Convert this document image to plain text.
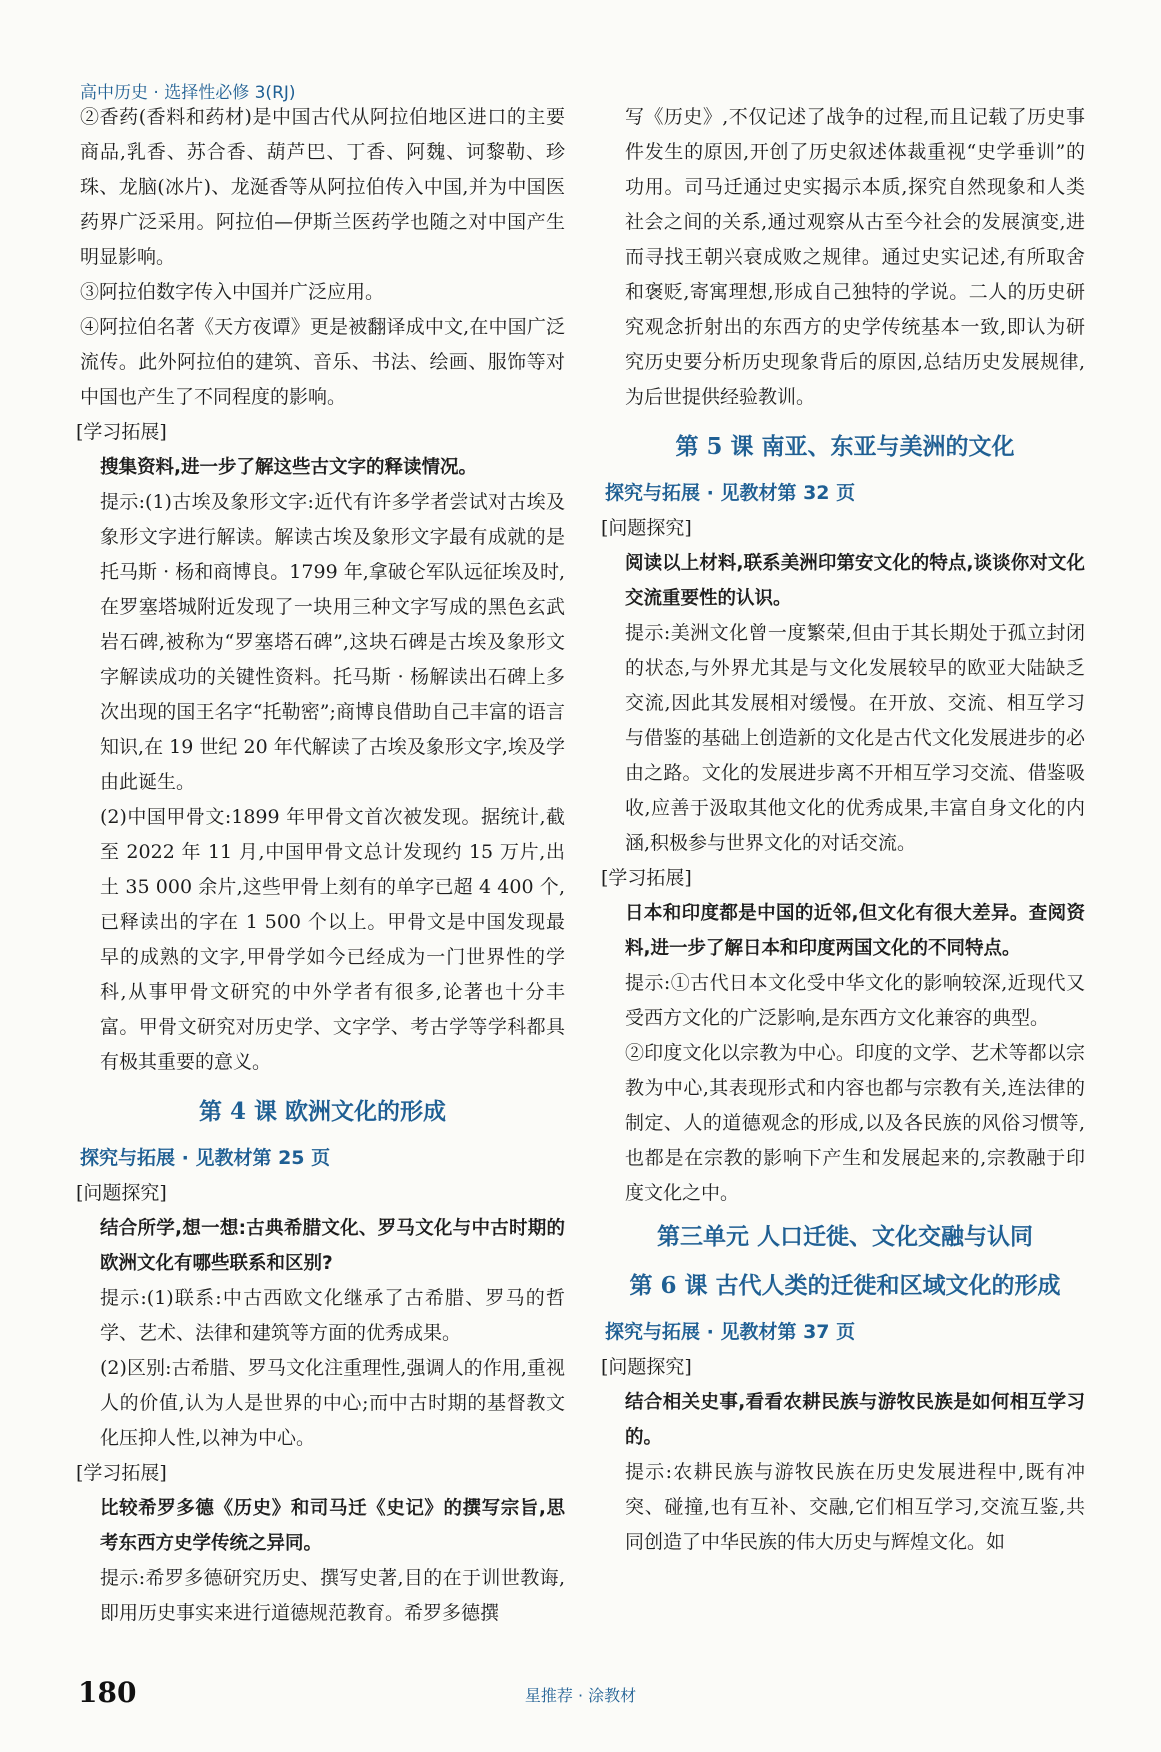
高中历史 · 选择性必修 3(RJ)

②香药(香料和药材)是中国古代从阿拉伯地区进口的主要商品,乳香、苏合香、葫芦巴、丁香、阿魏、诃黎勒、珍珠、龙脑(冰片)、龙涎香等从阿拉伯传入中国,并为中国医药界广泛采用。阿拉伯—伊斯兰医药学也随之对中国产生明显影响。

③阿拉伯数字传入中国并广泛应用。

④阿拉伯名著《天方夜谭》更是被翻译成中文,在中国广泛流传。此外阿拉伯的建筑、音乐、书法、绘画、服饰等对中国也产生了不同程度的影响。

[学习拓展]

搜集资料,进一步了解这些古文字的释读情况。

提示:(1)古埃及象形文字:近代有许多学者尝试对古埃及象形文字进行解读。解读古埃及象形文字最有成就的是托马斯 · 杨和商博良。1799 年,拿破仑军队远征埃及时,在罗塞塔城附近发现了一块用三种文字写成的黑色玄武岩石碑,被称为“罗塞塔石碑”,这块石碑是古埃及象形文字解读成功的关键性资料。托马斯 · 杨解读出石碑上多次出现的国王名字“托勒密”;商博良借助自己丰富的语言知识,在 19 世纪 20 年代解读了古埃及象形文字,埃及学由此诞生。

(2)中国甲骨文:1899 年甲骨文首次被发现。据统计,截至 2022 年 11 月,中国甲骨文总计发现约 15 万片,出土 35 000 余片,这些甲骨上刻有的单字已超 4 400 个,已释读出的字在 1 500 个以上。甲骨文是中国发现最早的成熟的文字,甲骨学如今已经成为一门世界性的学科,从事甲骨文研究的中外学者有很多,论著也十分丰富。甲骨文研究对历史学、文字学、考古学等学科都具有极其重要的意义。

第 4 课 欧洲文化的形成
探究与拓展 · 见教材第 25 页

[问题探究]

结合所学,想一想:古典希腊文化、罗马文化与中古时期的欧洲文化有哪些联系和区别?

提示:(1)联系:中古西欧文化继承了古希腊、罗马的哲学、艺术、法律和建筑等方面的优秀成果。

(2)区别:古希腊、罗马文化注重理性,强调人的作用,重视人的价值,认为人是世界的中心;而中古时期的基督教文化压抑人性,以神为中心。

[学习拓展]

比较希罗多德《历史》和司马迁《史记》的撰写宗旨,思考东西方史学传统之异同。

提示:希罗多德研究历史、撰写史著,目的在于训世教诲,即用历史事实来进行道德规范教育。希罗多德撰

写《历史》,不仅记述了战争的过程,而且记载了历史事件发生的原因,开创了历史叙述体裁重视“史学垂训”的功用。司马迁通过史实揭示本质,探究自然现象和人类社会之间的关系,通过观察从古至今社会的发展演变,进而寻找王朝兴衰成败之规律。通过史实记述,有所取舍和褒贬,寄寓理想,形成自己独特的学说。二人的历史研究观念折射出的东西方的史学传统基本一致,即认为研究历史要分析历史现象背后的原因,总结历史发展规律,为后世提供经验教训。

第 5 课 南亚、东亚与美洲的文化
探究与拓展 · 见教材第 32 页

[问题探究]

阅读以上材料,联系美洲印第安文化的特点,谈谈你对文化交流重要性的认识。

提示:美洲文化曾一度繁荣,但由于其长期处于孤立封闭的状态,与外界尤其是与文化发展较早的欧亚大陆缺乏交流,因此其发展相对缓慢。在开放、交流、相互学习与借鉴的基础上创造新的文化是古代文化发展进步的必由之路。文化的发展进步离不开相互学习交流、借鉴吸收,应善于汲取其他文化的优秀成果,丰富自身文化的内涵,积极参与世界文化的对话交流。

[学习拓展]

日本和印度都是中国的近邻,但文化有很大差异。查阅资料,进一步了解日本和印度两国文化的不同特点。

提示:①古代日本文化受中华文化的影响较深,近现代又受西方文化的广泛影响,是东西方文化兼容的典型。

②印度文化以宗教为中心。印度的文学、艺术等都以宗教为中心,其表现形式和内容也都与宗教有关,连法律的制定、人的道德观念的形成,以及各民族的风俗习惯等,也都是在宗教的影响下产生和发展起来的,宗教融于印度文化之中。

第三单元 人口迁徙、文化交融与认同
第 6 课 古代人类的迁徙和区域文化的形成
探究与拓展 · 见教材第 37 页

[问题探究]

结合相关史事,看看农耕民族与游牧民族是如何相互学习的。

提示:农耕民族与游牧民族在历史发展进程中,既有冲突、碰撞,也有互补、交融,它们相互学习,交流互鉴,共同创造了中华民族的伟大历史与辉煌文化。如

180	星推荐 · 涂教材
